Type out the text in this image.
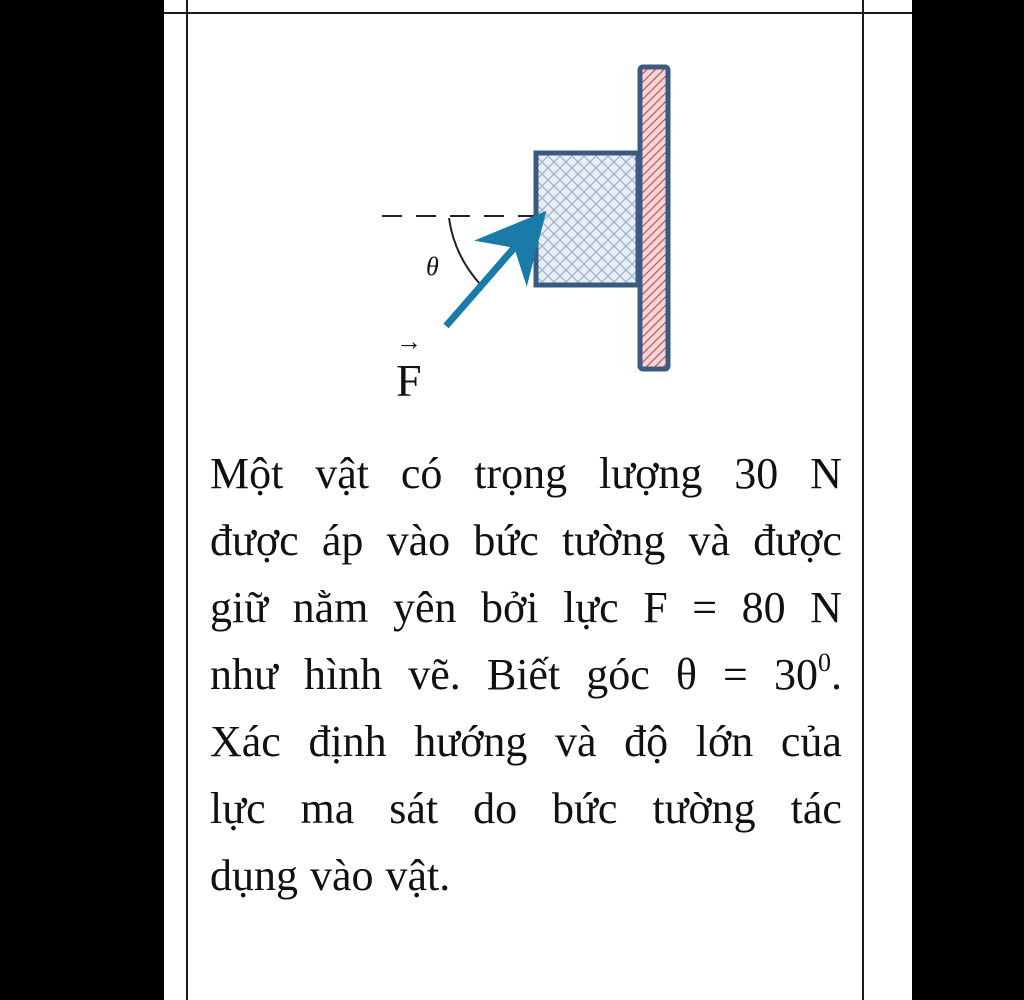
θ
→
F
Một vật có trọng lượng 30 N
được áp vào bức tường và được
giữ nằm yên bởi lực F = 80 N
như hình vẽ. Biết góc $\theta = 30^0$.
Xác định hướng và độ lớn của
lực ma sát do bức tường tác
dụng vào vật.
